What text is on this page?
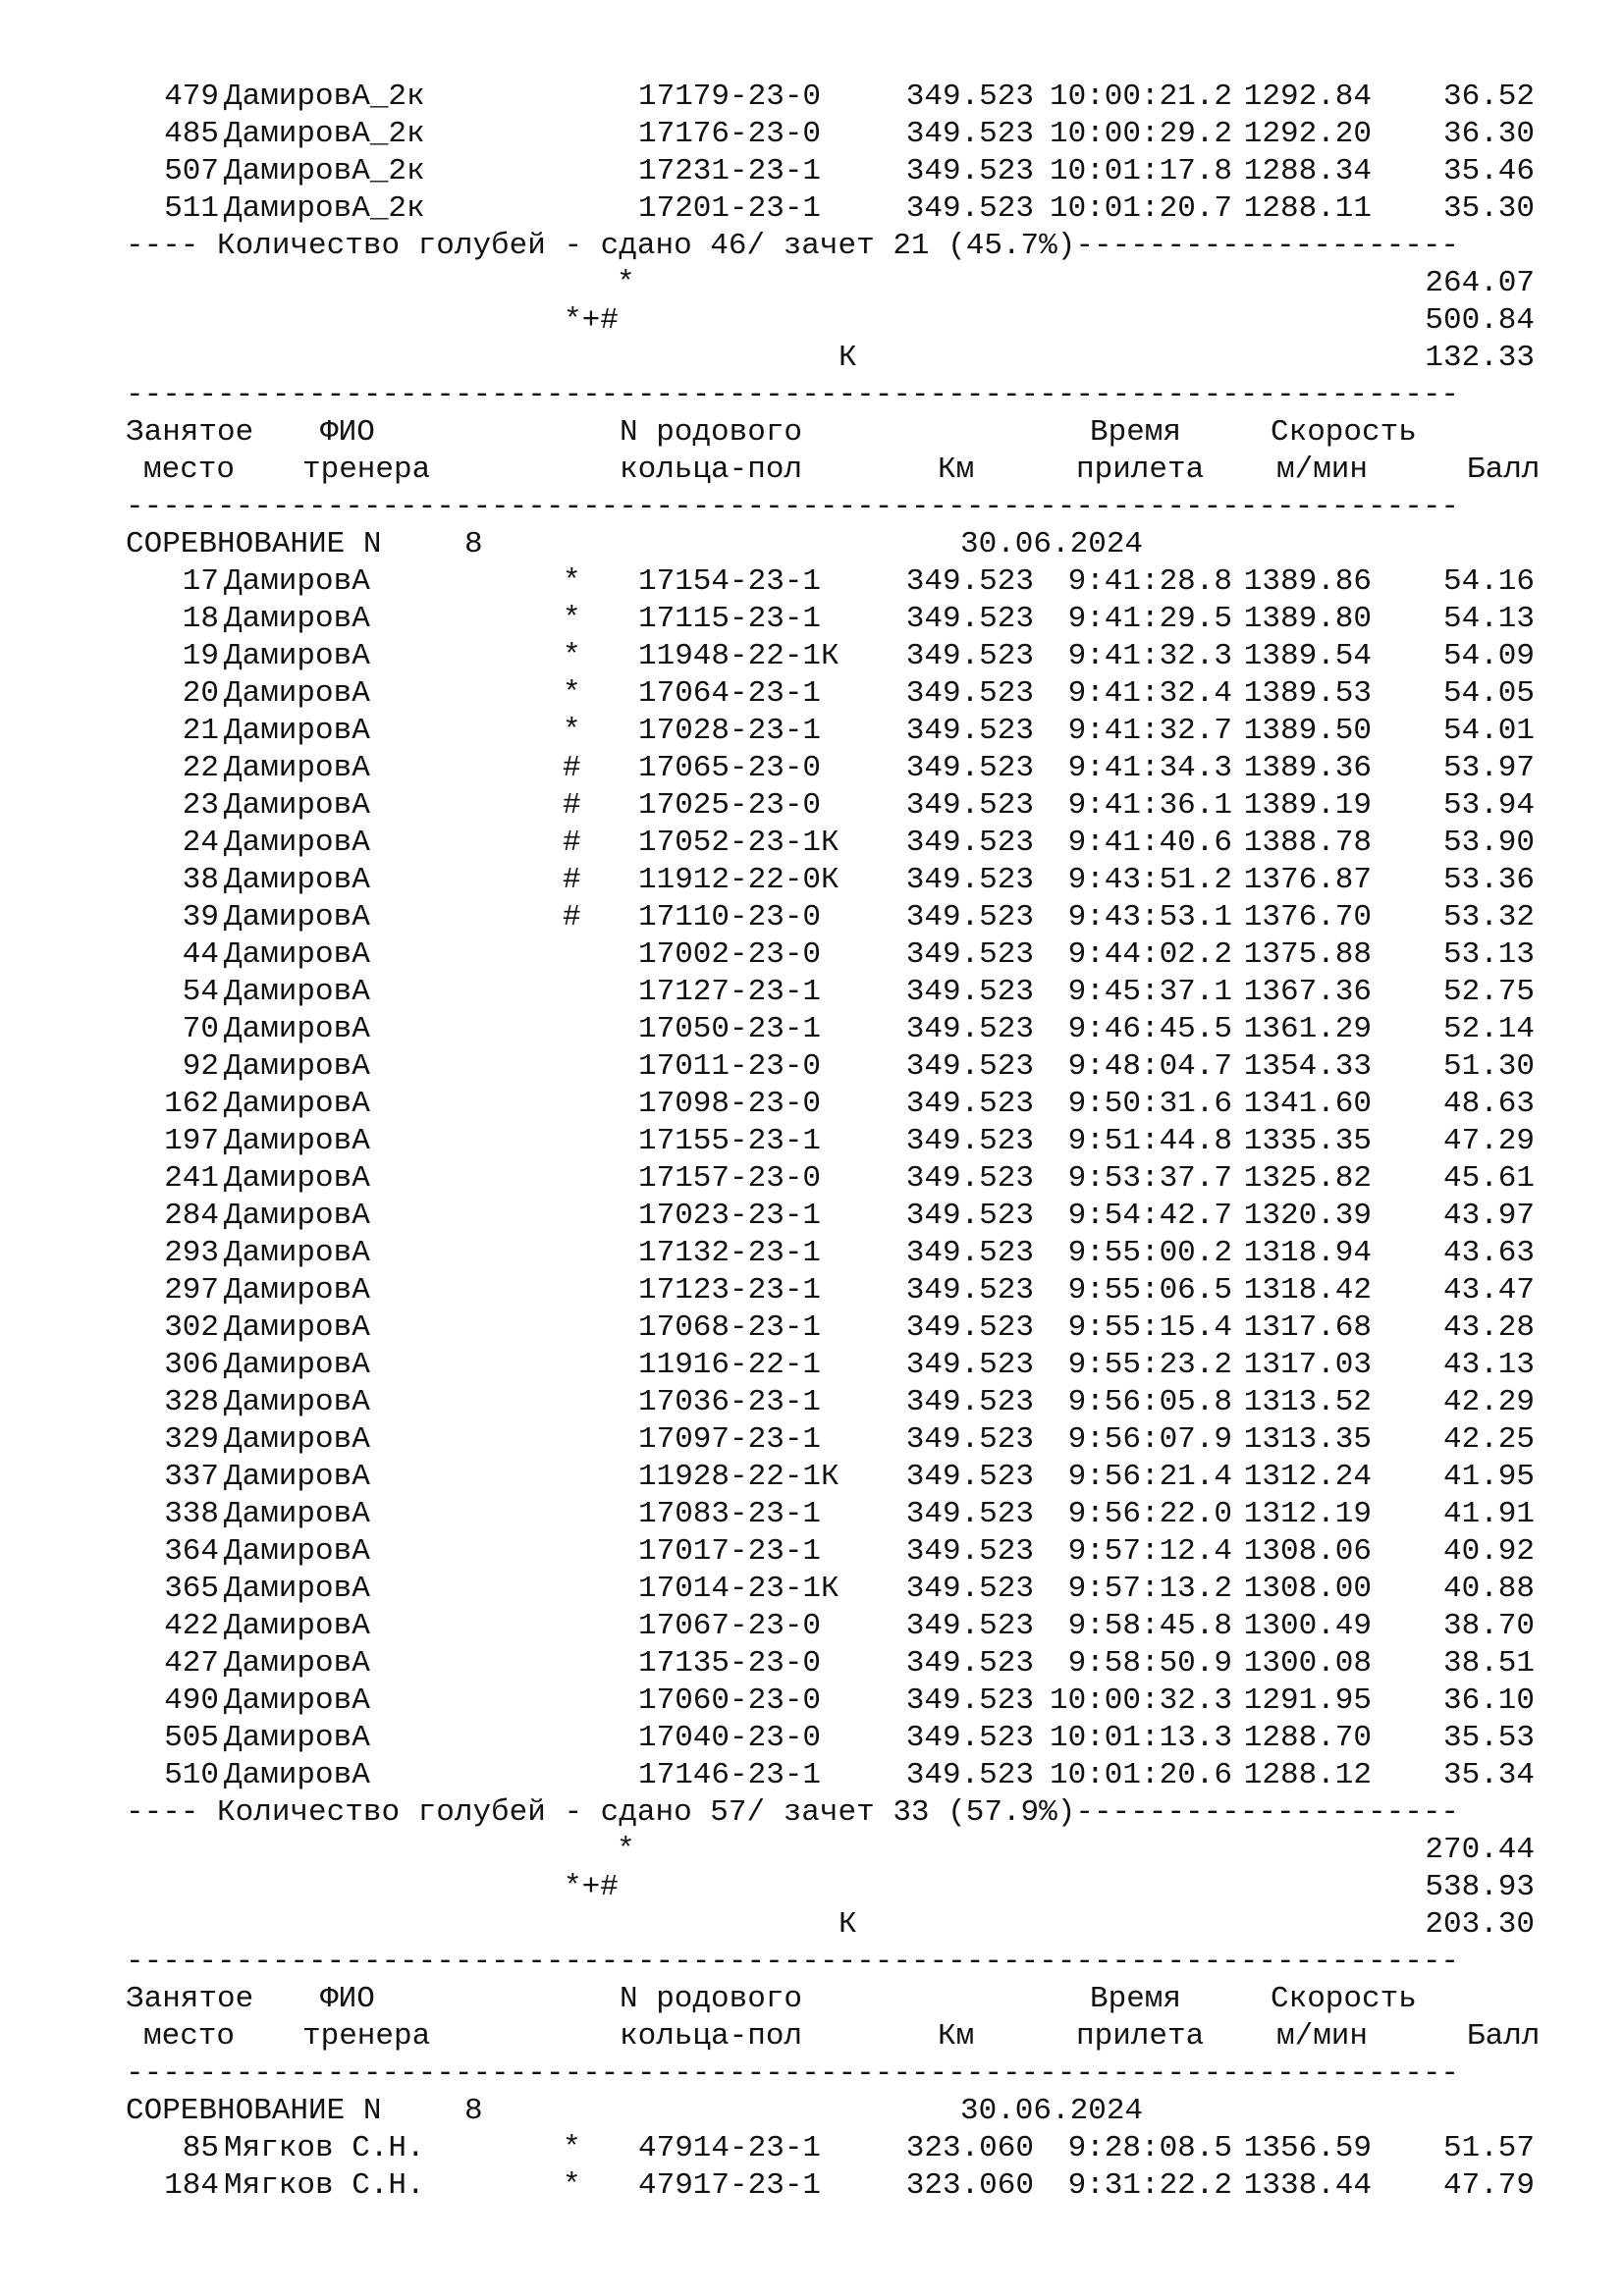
479 ДамировА_2к	17179-23-0	349.523 10:00:21.2 1292.84	36.52
485 ДамировА_2к	17176-23-0	349.523 10:00:29.2 1292.20	36.30
507 ДамировА_2к	17231-23-1	349.523 10:01:17.8 1288.34	35.46
511 ДамировА_2к	17201-23-1	349.523 10:01:20.7 1288.11	35.30
---- Количество голубей - сдано 46/ зачет 21 (45.7%)---------------------
*	264.07
*+#	500.84
К	132.33
-------------------------------------------------------------------------
Занятое ФИО	N родового	Время	Скорость
место тренера	кольца-пол	Км	прилета м/мин	Балл
-------------------------------------------------------------------------
СОРЕВНОВАНИЕ N	8	30.06.2024
17 ДамировА	* 17154-23-1	349.523	9:41:28.8 1389.86	54.16
18 ДамировА	* 17115-23-1	349.523	9:41:29.5 1389.80	54.13
19 ДамировА	* 11948-22-1К	349.523	9:41:32.3 1389.54	54.09
20 ДамировА	* 17064-23-1	349.523	9:41:32.4 1389.53	54.05
21 ДамировА	* 17028-23-1	349.523	9:41:32.7 1389.50	54.01
22 ДамировА	# 17065-23-0	349.523	9:41:34.3 1389.36	53.97
23 ДамировА	# 17025-23-0	349.523	9:41:36.1 1389.19	53.94
24 ДамировА	# 17052-23-1К	349.523	9:41:40.6 1388.78	53.90
38 ДамировА	# 11912-22-0К	349.523	9:43:51.2 1376.87	53.36
39 ДамировА	# 17110-23-0	349.523	9:43:53.1 1376.70	53.32
44 ДамировА	17002-23-0	349.523	9:44:02.2 1375.88	53.13
54 ДамировА	17127-23-1	349.523	9:45:37.1 1367.36	52.75
70 ДамировА	17050-23-1	349.523	9:46:45.5 1361.29	52.14
92 ДамировА	17011-23-0	349.523	9:48:04.7 1354.33	51.30
162 ДамировА	17098-23-0	349.523	9:50:31.6 1341.60	48.63
197 ДамировА	17155-23-1	349.523	9:51:44.8 1335.35	47.29
241 ДамировА	17157-23-0	349.523	9:53:37.7 1325.82	45.61
284 ДамировА	17023-23-1	349.523	9:54:42.7 1320.39	43.97
293 ДамировА	17132-23-1	349.523	9:55:00.2 1318.94	43.63
297 ДамировА	17123-23-1	349.523	9:55:06.5 1318.42	43.47
302 ДамировА	17068-23-1	349.523	9:55:15.4 1317.68	43.28
306 ДамировА	11916-22-1	349.523	9:55:23.2 1317.03	43.13
328 ДамировА	17036-23-1	349.523	9:56:05.8 1313.52	42.29
329 ДамировА	17097-23-1	349.523	9:56:07.9 1313.35	42.25
337 ДамировА	11928-22-1К	349.523	9:56:21.4 1312.24	41.95
338 ДамировА	17083-23-1	349.523	9:56:22.0 1312.19	41.91
364 ДамировА	17017-23-1	349.523	9:57:12.4 1308.06	40.92
365 ДамировА	17014-23-1К	349.523	9:57:13.2 1308.00	40.88
422 ДамировА	17067-23-0	349.523	9:58:45.8 1300.49	38.70
427 ДамировА	17135-23-0	349.523	9:58:50.9 1300.08	38.51
490 ДамировА	17060-23-0	349.523 10:00:32.3 1291.95	36.10
505 ДамировА	17040-23-0	349.523 10:01:13.3 1288.70	35.53
510 ДамировА	17146-23-1	349.523 10:01:20.6 1288.12	35.34
---- Количество голубей - сдано 57/ зачет 33 (57.9%)---------------------
*	270.44
*+#	538.93
К	203.30
-------------------------------------------------------------------------
Занятое ФИО	N родового	Время	Скорость
место тренера	кольца-пол	Км	прилета м/мин	Балл
-------------------------------------------------------------------------
СОРЕВНОВАНИЕ N	8	30.06.2024
85 Мягков С.Н.	* 47914-23-1	323.060	9:28:08.5 1356.59	51.57
184 Мягков С.Н.	* 47917-23-1	323.060	9:31:22.2 1338.44	47.79
